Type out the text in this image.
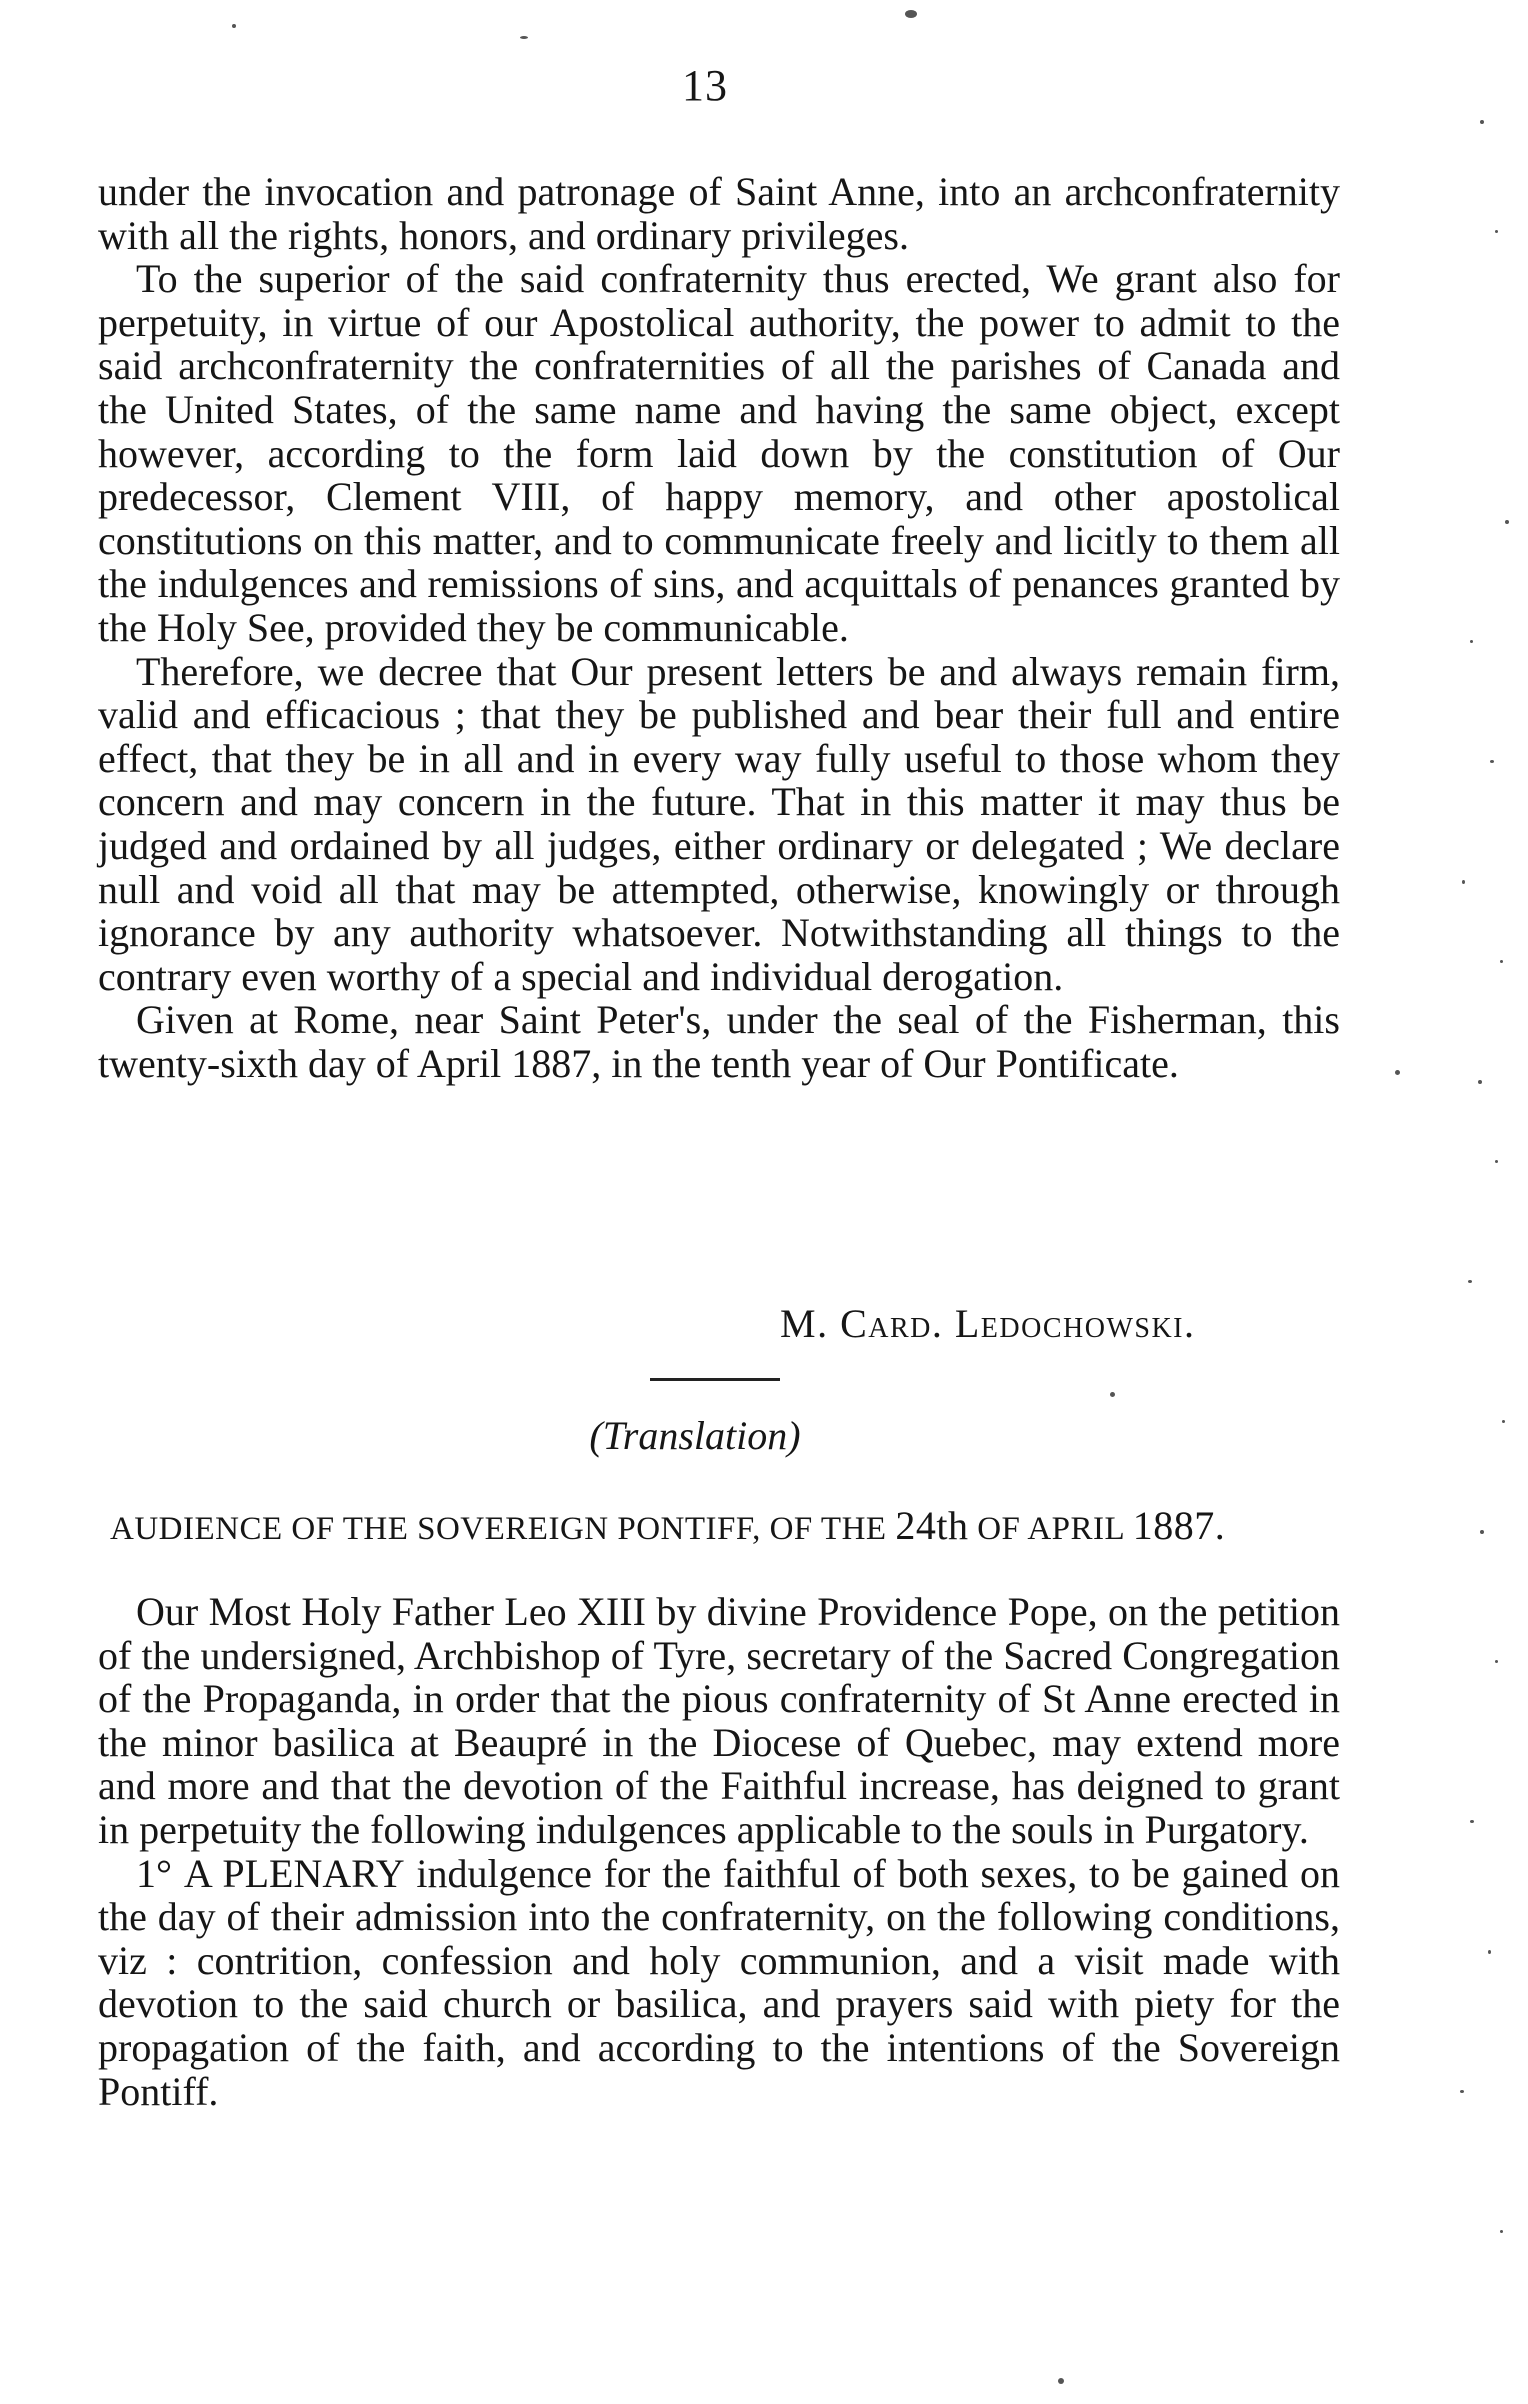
13

under the invocation and patronage of Saint Anne, into an archconfraternity with all the rights, honors, and ordinary privileges.

To the superior of the said confraternity thus erected, We grant also for perpetuity, in virtue of our Apostolical authority, the power to admit to the said archconfraternity the confraternities of all the parishes of Canada and the United States, of the same name and having the same object, except however, according to the form laid down by the constitution of Our predecessor, Clement VIII, of happy memory, and other apostolical constitutions on this matter, and to communicate freely and licitly to them all the indulgences and remissions of sins, and acquittals of penances granted by the Holy See, provided they be communicable.

Therefore, we decree that Our present letters be and always remain firm, valid and efficacious ; that they be published and bear their full and entire effect, that they be in all and in every way fully useful to those whom they concern and may concern in the future. That in this matter it may thus be judged and ordained by all judges, either ordinary or delegated ; We declare null and void all that may be attempted, otherwise, knowingly or through ignorance by any authority whatsoever. Notwithstanding all things to the contrary even worthy of a special and individual derogation.

Given at Rome, near Saint Peter's, under the seal of the Fisherman, this twenty-sixth day of April 1887, in the tenth year of Our Pontificate.

M. Card. Ledochowski.
(Translation)
AUDIENCE OF THE SOVEREIGN PONTIFF, OF THE 24th OF APRIL 1887.

Our Most Holy Father Leo XIII by divine Providence Pope, on the petition of the undersigned, Archbishop of Tyre, secretary of the Sacred Congregation of the Propaganda, in order that the pious confraternity of St Anne erected in the minor basilica at Beaupré in the Diocese of Quebec, may extend more and more and that the devotion of the Faithful increase, has deigned to grant in perpetuity the following indulgences applicable to the souls in Purgatory.

1° A PLENARY indulgence for the faithful of both sexes, to be gained on the day of their admission into the confraternity, on the following conditions, viz : contrition, confession and holy communion, and a visit made with devotion to the said church or basilica, and prayers said with piety for the propagation of the faith, and according to the intentions of the Sovereign Pontiff.
